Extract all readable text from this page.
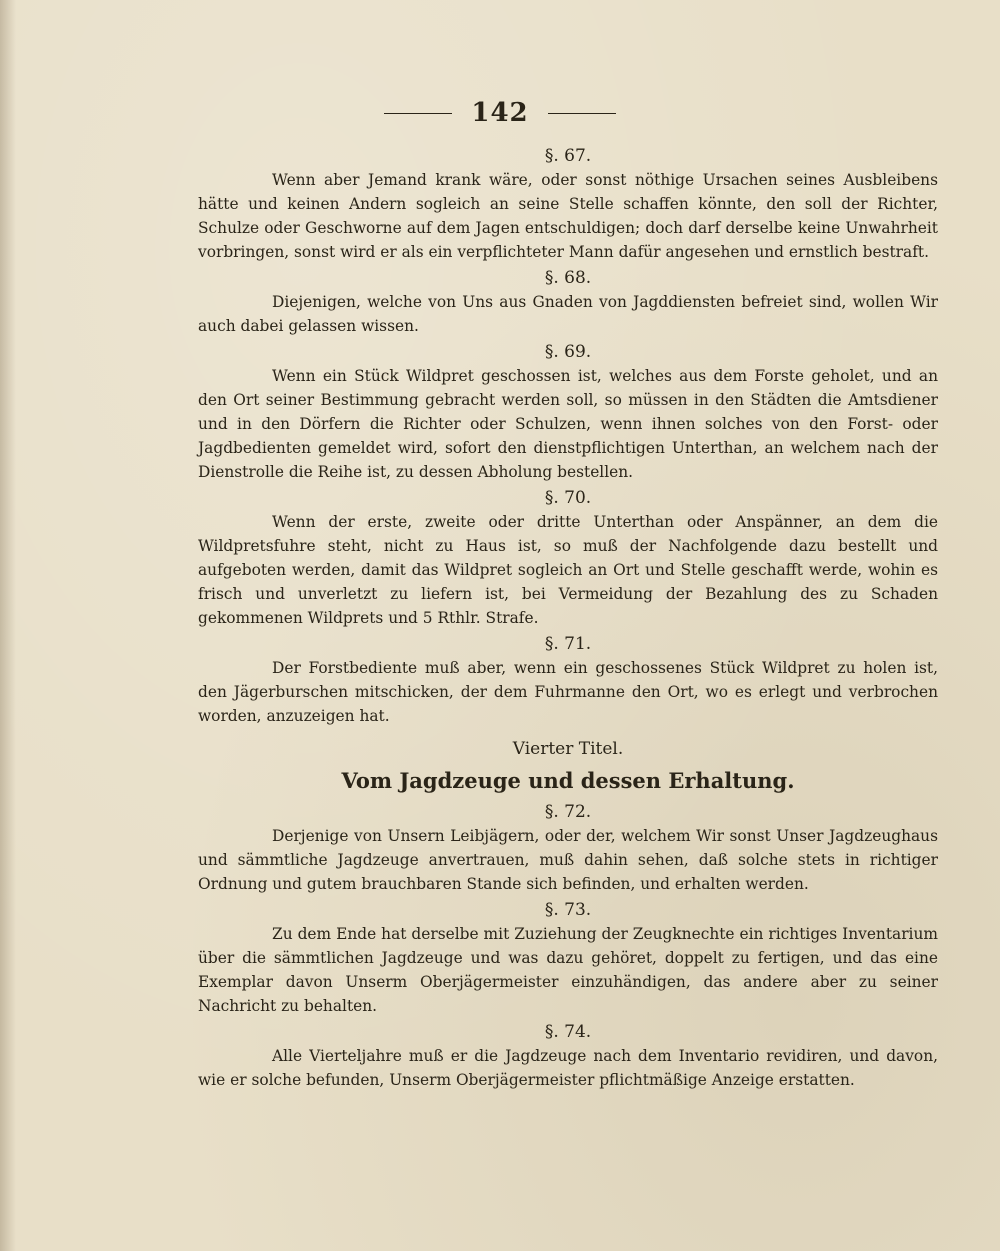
142
§. 67.

Wenn aber Jemand krank wäre, oder sonst nöthige Ursachen seines Ausbleibens hätte und keinen Andern sogleich an seine Stelle schaffen könnte, den soll der Richter, Schulze oder Geschworne auf dem Jagen entschuldigen; doch darf derselbe keine Unwahrheit vorbringen, sonst wird er als ein verpflichteter Mann dafür angesehen und ernstlich bestraft.

§. 68.

Diejenigen, welche von Uns aus Gnaden von Jagddiensten befreiet sind, wollen Wir auch dabei gelassen wissen.

§. 69.

Wenn ein Stück Wildpret geschossen ist, welches aus dem Forste geholet, und an den Ort seiner Bestimmung gebracht werden soll, so müssen in den Städten die Amtsdiener und in den Dörfern die Richter oder Schulzen, wenn ihnen solches von den Forst- oder Jagdbedienten gemeldet wird, sofort den dienstpflichtigen Unterthan, an welchem nach der Dienstrolle die Reihe ist, zu dessen Abholung bestellen.

§. 70.

Wenn der erste, zweite oder dritte Unterthan oder Anspänner, an dem die Wildpretsfuhre steht, nicht zu Haus ist, so muß der Nachfolgende dazu bestellt und aufgeboten werden, damit das Wildpret sogleich an Ort und Stelle geschafft werde, wohin es frisch und unverletzt zu liefern ist, bei Vermeidung der Bezahlung des zu Schaden gekommenen Wildprets und 5 Rthlr. Strafe.

§. 71.

Der Forstbediente muß aber, wenn ein geschossenes Stück Wildpret zu holen ist, den Jägerburschen mitschicken, der dem Fuhrmanne den Ort, wo es erlegt und verbrochen worden, anzuzeigen hat.

Vierter Titel.
Vom Jagdzeuge und dessen Erhaltung.
§. 72.

Derjenige von Unsern Leibjägern, oder der, welchem Wir sonst Unser Jagdzeughaus und sämmtliche Jagdzeuge anvertrauen, muß dahin sehen, daß solche stets in richtiger Ordnung und gutem brauchbaren Stande sich befinden, und erhalten werden.

§. 73.

Zu dem Ende hat derselbe mit Zuziehung der Zeugknechte ein richtiges Inventarium über die sämmtlichen Jagdzeuge und was dazu gehöret, doppelt zu fertigen, und das eine Exemplar davon Unserm Oberjägermeister einzuhändigen, das andere aber zu seiner Nachricht zu behalten.

§. 74.

Alle Vierteljahre muß er die Jagdzeuge nach dem Inventario revidiren, und davon, wie er solche befunden, Unserm Oberjägermeister pflichtmäßige Anzeige erstatten.
